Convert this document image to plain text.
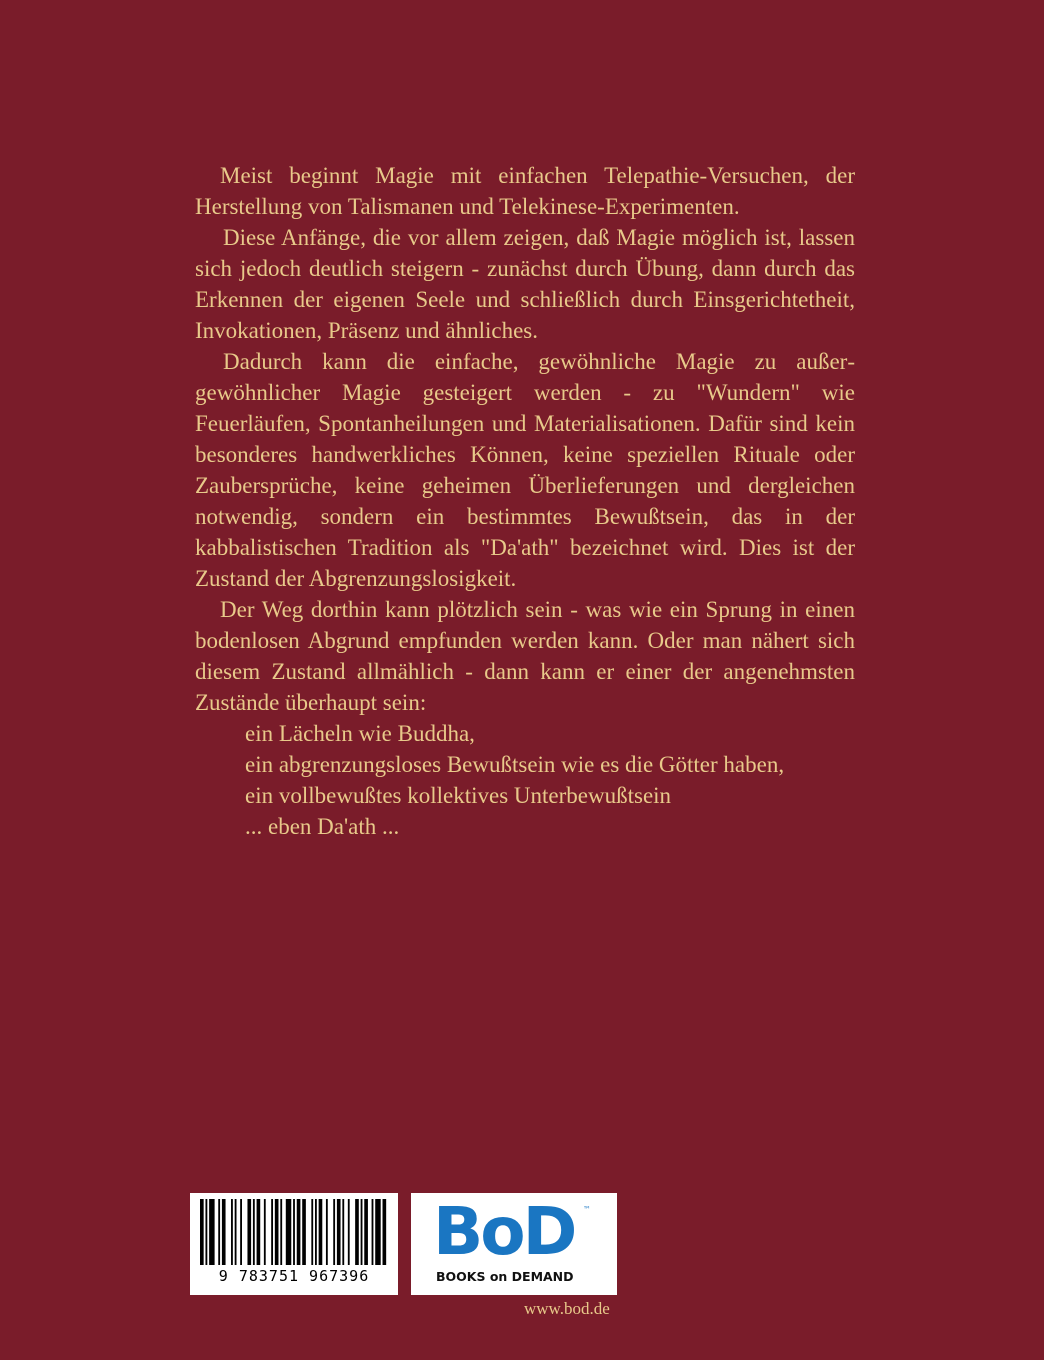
Meist beginnt Magie mit einfachen Telepathie-Versuchen, der Herstellung von Talismanen und Telekinese-Experimenten.

Diese Anfänge, die vor allem zeigen, daß Magie möglich ist, lassen sich jedoch deutlich steigern - zunächst durch Übung, dann durch das Erkennen der eigenen Seele und schließlich durch Einsgerichtetheit, Invokationen, Präsenz und ähnliches.

Dadurch kann die einfache, gewöhnliche Magie zu außergewöhnlicher Magie gesteigert werden - zu "Wundern" wie Feuerläufen, Spontanheilungen und Materialisationen. Dafür sind kein besonderes handwerkliches Können, keine speziellen Rituale oder Zaubersprüche, keine geheimen Überlieferungen und dergleichen notwendig, sondern ein bestimmtes Bewußtsein, das in der kabbalistischen Tradition als "Da'ath" bezeichnet wird. Dies ist der Zustand der Abgrenzungslosigkeit.

Der Weg dorthin kann plötzlich sein - was wie ein Sprung in einen bodenlosen Abgrund empfunden werden kann. Oder man nähert sich diesem Zustand allmählich - dann kann er einer der angenehmsten Zustände überhaupt sein:

ein Lächeln wie Buddha,
ein abgrenzungsloses Bewußtsein wie es die Götter haben,
ein vollbewußtes kollektives Unterbewußtsein
... eben Da'ath ...
9 783751 967396
BoD ™
BOOKS on DEMAND
www.bod.de
